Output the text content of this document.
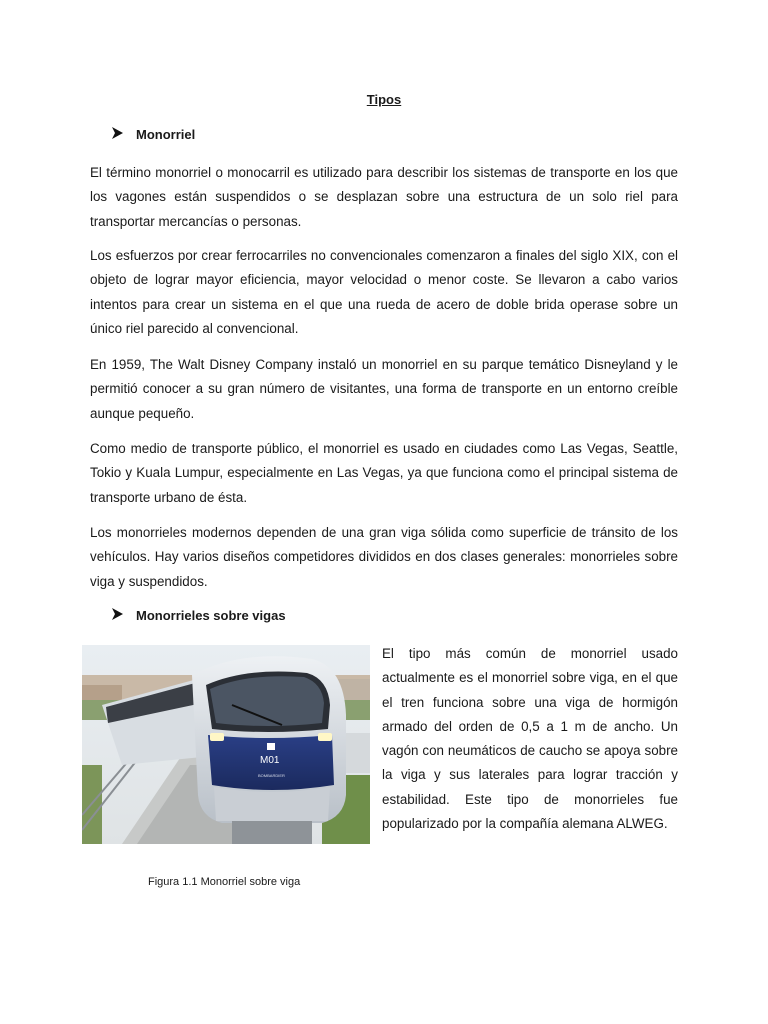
Tipos
Monorriel

El término monorriel o monocarril es utilizado para describir los sistemas de transporte en los que los vagones están suspendidos o se desplazan sobre una estructura de un solo riel para transportar mercancías o personas.

Los esfuerzos por crear ferrocarriles no convencionales comenzaron a finales del siglo XIX, con el objeto de lograr mayor eficiencia, mayor velocidad o menor coste. Se llevaron a cabo varios intentos para crear un sistema en el que una rueda de acero de doble brida operase sobre un único riel parecido al convencional.

En 1959, The Walt Disney Company instaló un monorriel en su parque temático Disneyland y le permitió conocer a su gran número de visitantes, una forma de transporte en un entorno creíble aunque pequeño.

Como medio de transporte público, el monorriel es usado en ciudades como Las Vegas, Seattle, Tokio y Kuala Lumpur, especialmente en Las Vegas, ya que funciona como el principal sistema de transporte urbano de ésta.

Los monorrieles modernos dependen de una gran viga sólida como superficie de tránsito de los vehículos. Hay varios diseños competidores divididos en dos clases generales: monorrieles sobre viga y suspendidos.

Monorrieles sobre vigas
M01
BOMBARDIER

El tipo más común de monorriel usado actualmente es el monorriel sobre viga, en el que el tren funciona sobre una viga de hormigón armado del orden de 0,5 a 1 m de ancho. Un vagón con neumáticos de caucho se apoya sobre la viga y sus laterales para lograr tracción y estabilidad. Este tipo de monorrieles fue popularizado por la compañía alemana ALWEG.

Figura 1.1 Monorriel sobre viga
